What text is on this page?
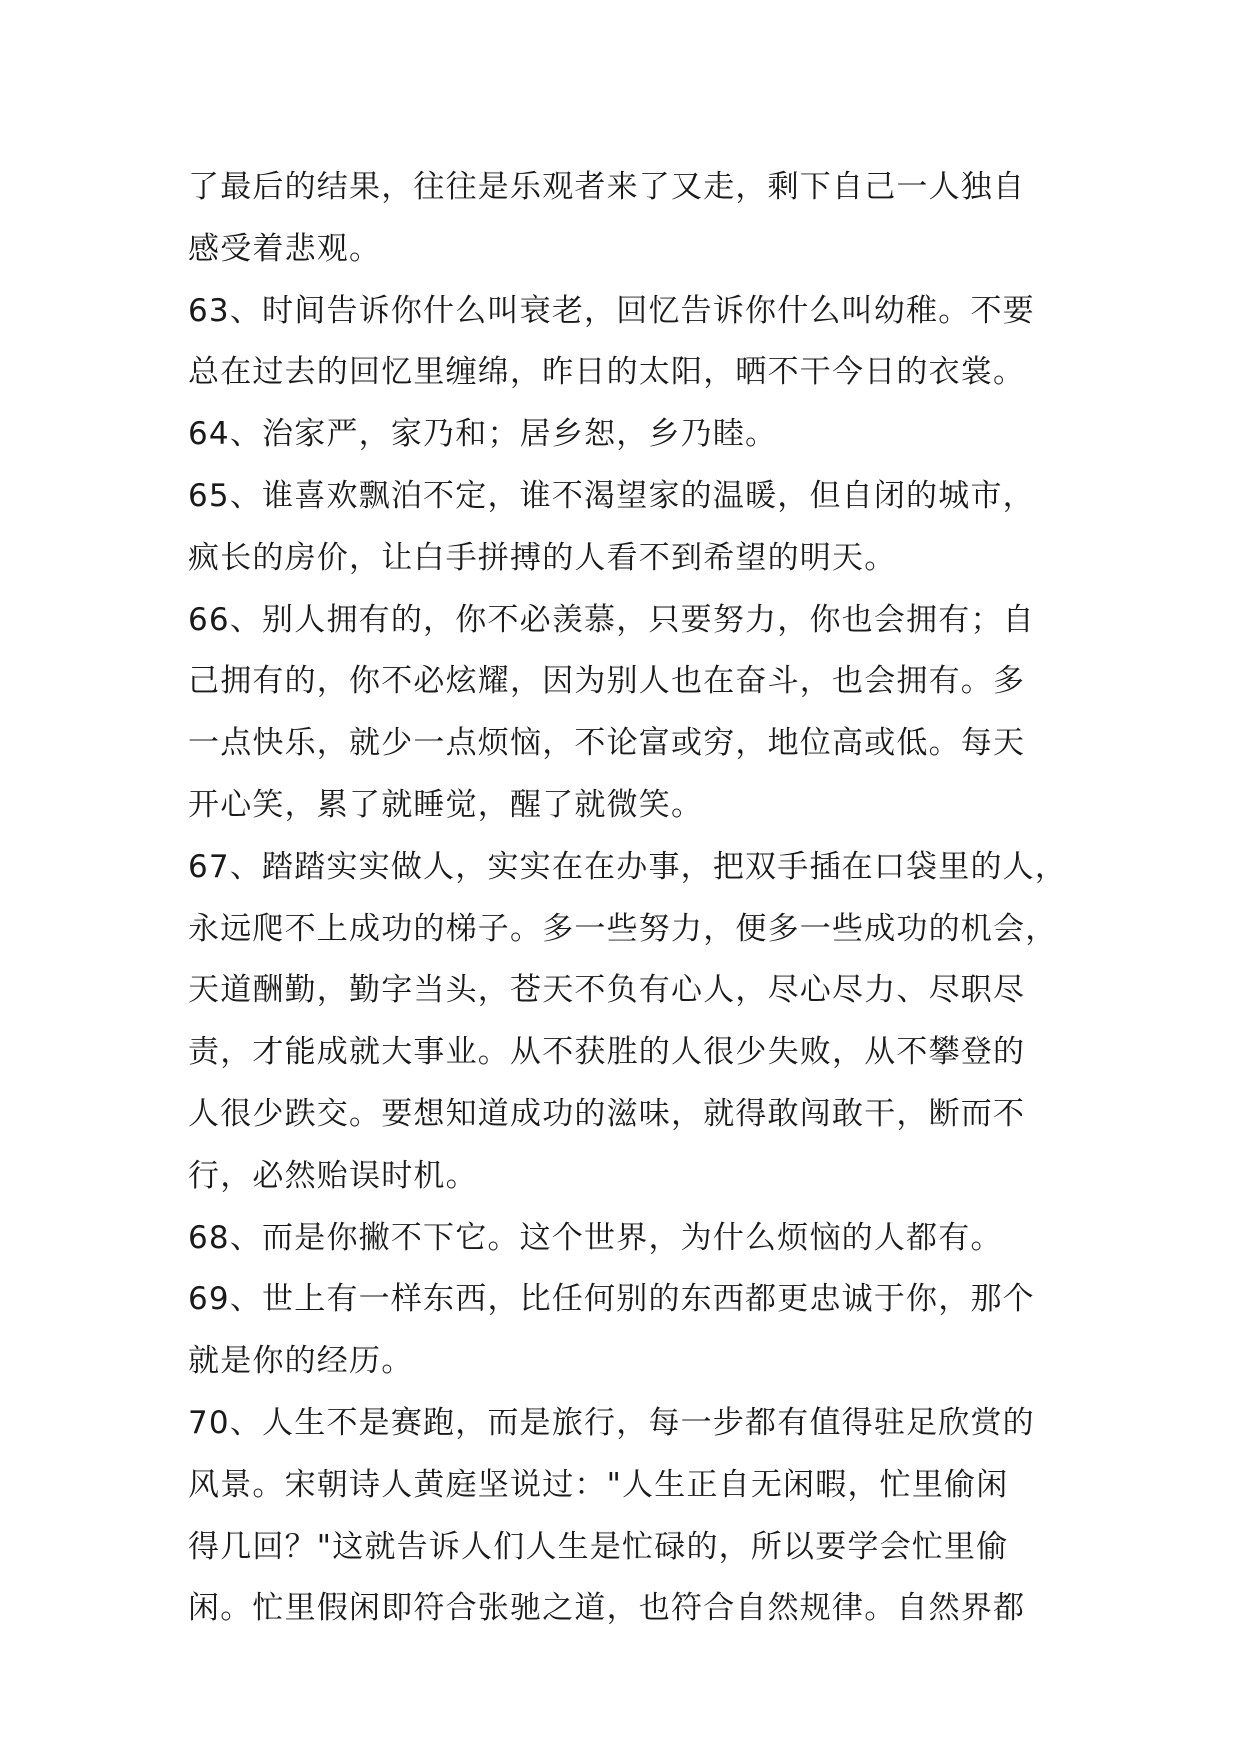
了最后的结果，往往是乐观者来了又走，剩下自己一人独自
感受着悲观。
63、时间告诉你什么叫衰老，回忆告诉你什么叫幼稚。不要
总在过去的回忆里缠绵，昨日的太阳，晒不干今日的衣裳。
64、治家严，家乃和；居乡恕，乡乃睦。
65、谁喜欢飘泊不定，谁不渴望家的温暖，但自闭的城市，
疯长的房价，让白手拼搏的人看不到希望的明天。
66、别人拥有的，你不必羡慕，只要努力，你也会拥有；自
己拥有的，你不必炫耀，因为别人也在奋斗，也会拥有。多
一点快乐，就少一点烦恼，不论富或穷，地位高或低。每天
开心笑，累了就睡觉，醒了就微笑。
67、踏踏实实做人，实实在在办事，把双手插在口袋里的人，
永远爬不上成功的梯子。多一些努力，便多一些成功的机会，
天道酬勤，勤字当头，苍天不负有心人，尽心尽力、尽职尽
责，才能成就大事业。从不获胜的人很少失败，从不攀登的
人很少跌交。要想知道成功的滋味，就得敢闯敢干，断而不
行，必然贻误时机。
68、而是你撇不下它。这个世界，为什么烦恼的人都有。
69、世上有一样东西，比任何别的东西都更忠诚于你，那个
就是你的经历。
70、人生不是赛跑，而是旅行，每一步都有值得驻足欣赏的
风景。宋朝诗人黄庭坚说过："人生正自无闲暇，忙里偷闲
得几回？"这就告诉人们人生是忙碌的，所以要学会忙里偷
闲。忙里假闲即符合张驰之道，也符合自然规律。自然界都
